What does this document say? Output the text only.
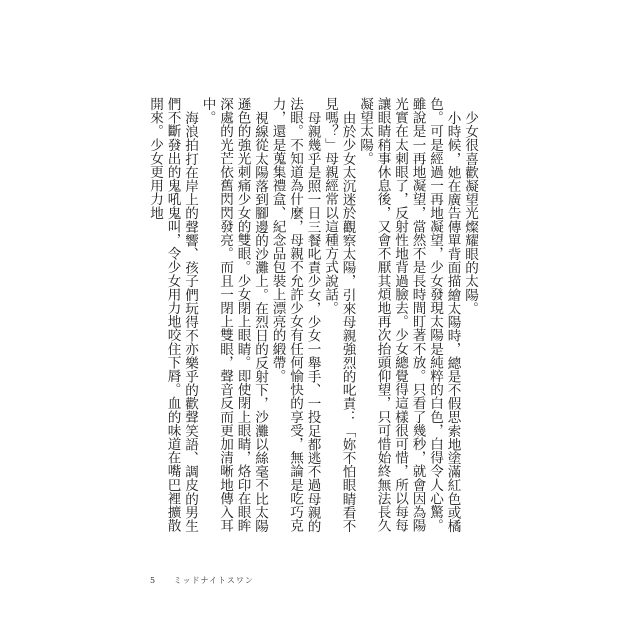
少女很喜歡凝望光燦耀眼的太陽。

小時候，她在廣告傳單背面描繪太陽時，總是不假思索地塗滿紅色或橘色。可是經過一再地凝望，少女發現太陽是純粹的白色，白得令人心驚。雖說是一再地凝望，當然不是長時間盯著不放。只看了幾秒，就會因為陽光實在太刺眼了，反射性地背過臉去。少女總覺得這樣很可惜，所以每每讓眼睛稍事休息後，又會不厭其煩地再次抬頭仰望，只可惜始終無法長久凝望太陽。

由於少女太沉迷於觀察太陽，引來母親強烈的叱責：「妳不怕眼睛看不見嗎？」母親經常以這種方式說話。

母親幾乎是照一日三餐叱責少女，少女一舉手、一投足都逃不過母親的法眼。不知道為什麼，母親不允許少女有任何愉快的享受，無論是吃巧克力，還是蒐集禮盒、紀念品包裝上漂亮的緞帶。

視線從太陽落到腳邊的沙灘上。在烈日的反射下，沙灘以絲毫不比太陽遜色的強光刺痛少女的雙眼。少女閉上眼睛。即使閉上眼睛，烙印在眼眸深處的光芒依舊閃閃發亮。而且一閉上雙眼，聲音反而更加清晰地傳入耳中。

海浪拍打在岸上的聲響、孩子們玩得不亦樂乎的歡聲笑語、調皮的男生們不斷發出的鬼吼鬼叫，令少女用力地咬住下脣。血的味道在嘴巴裡擴散開來。少女更用力地

5 ミッドナイトスワン
